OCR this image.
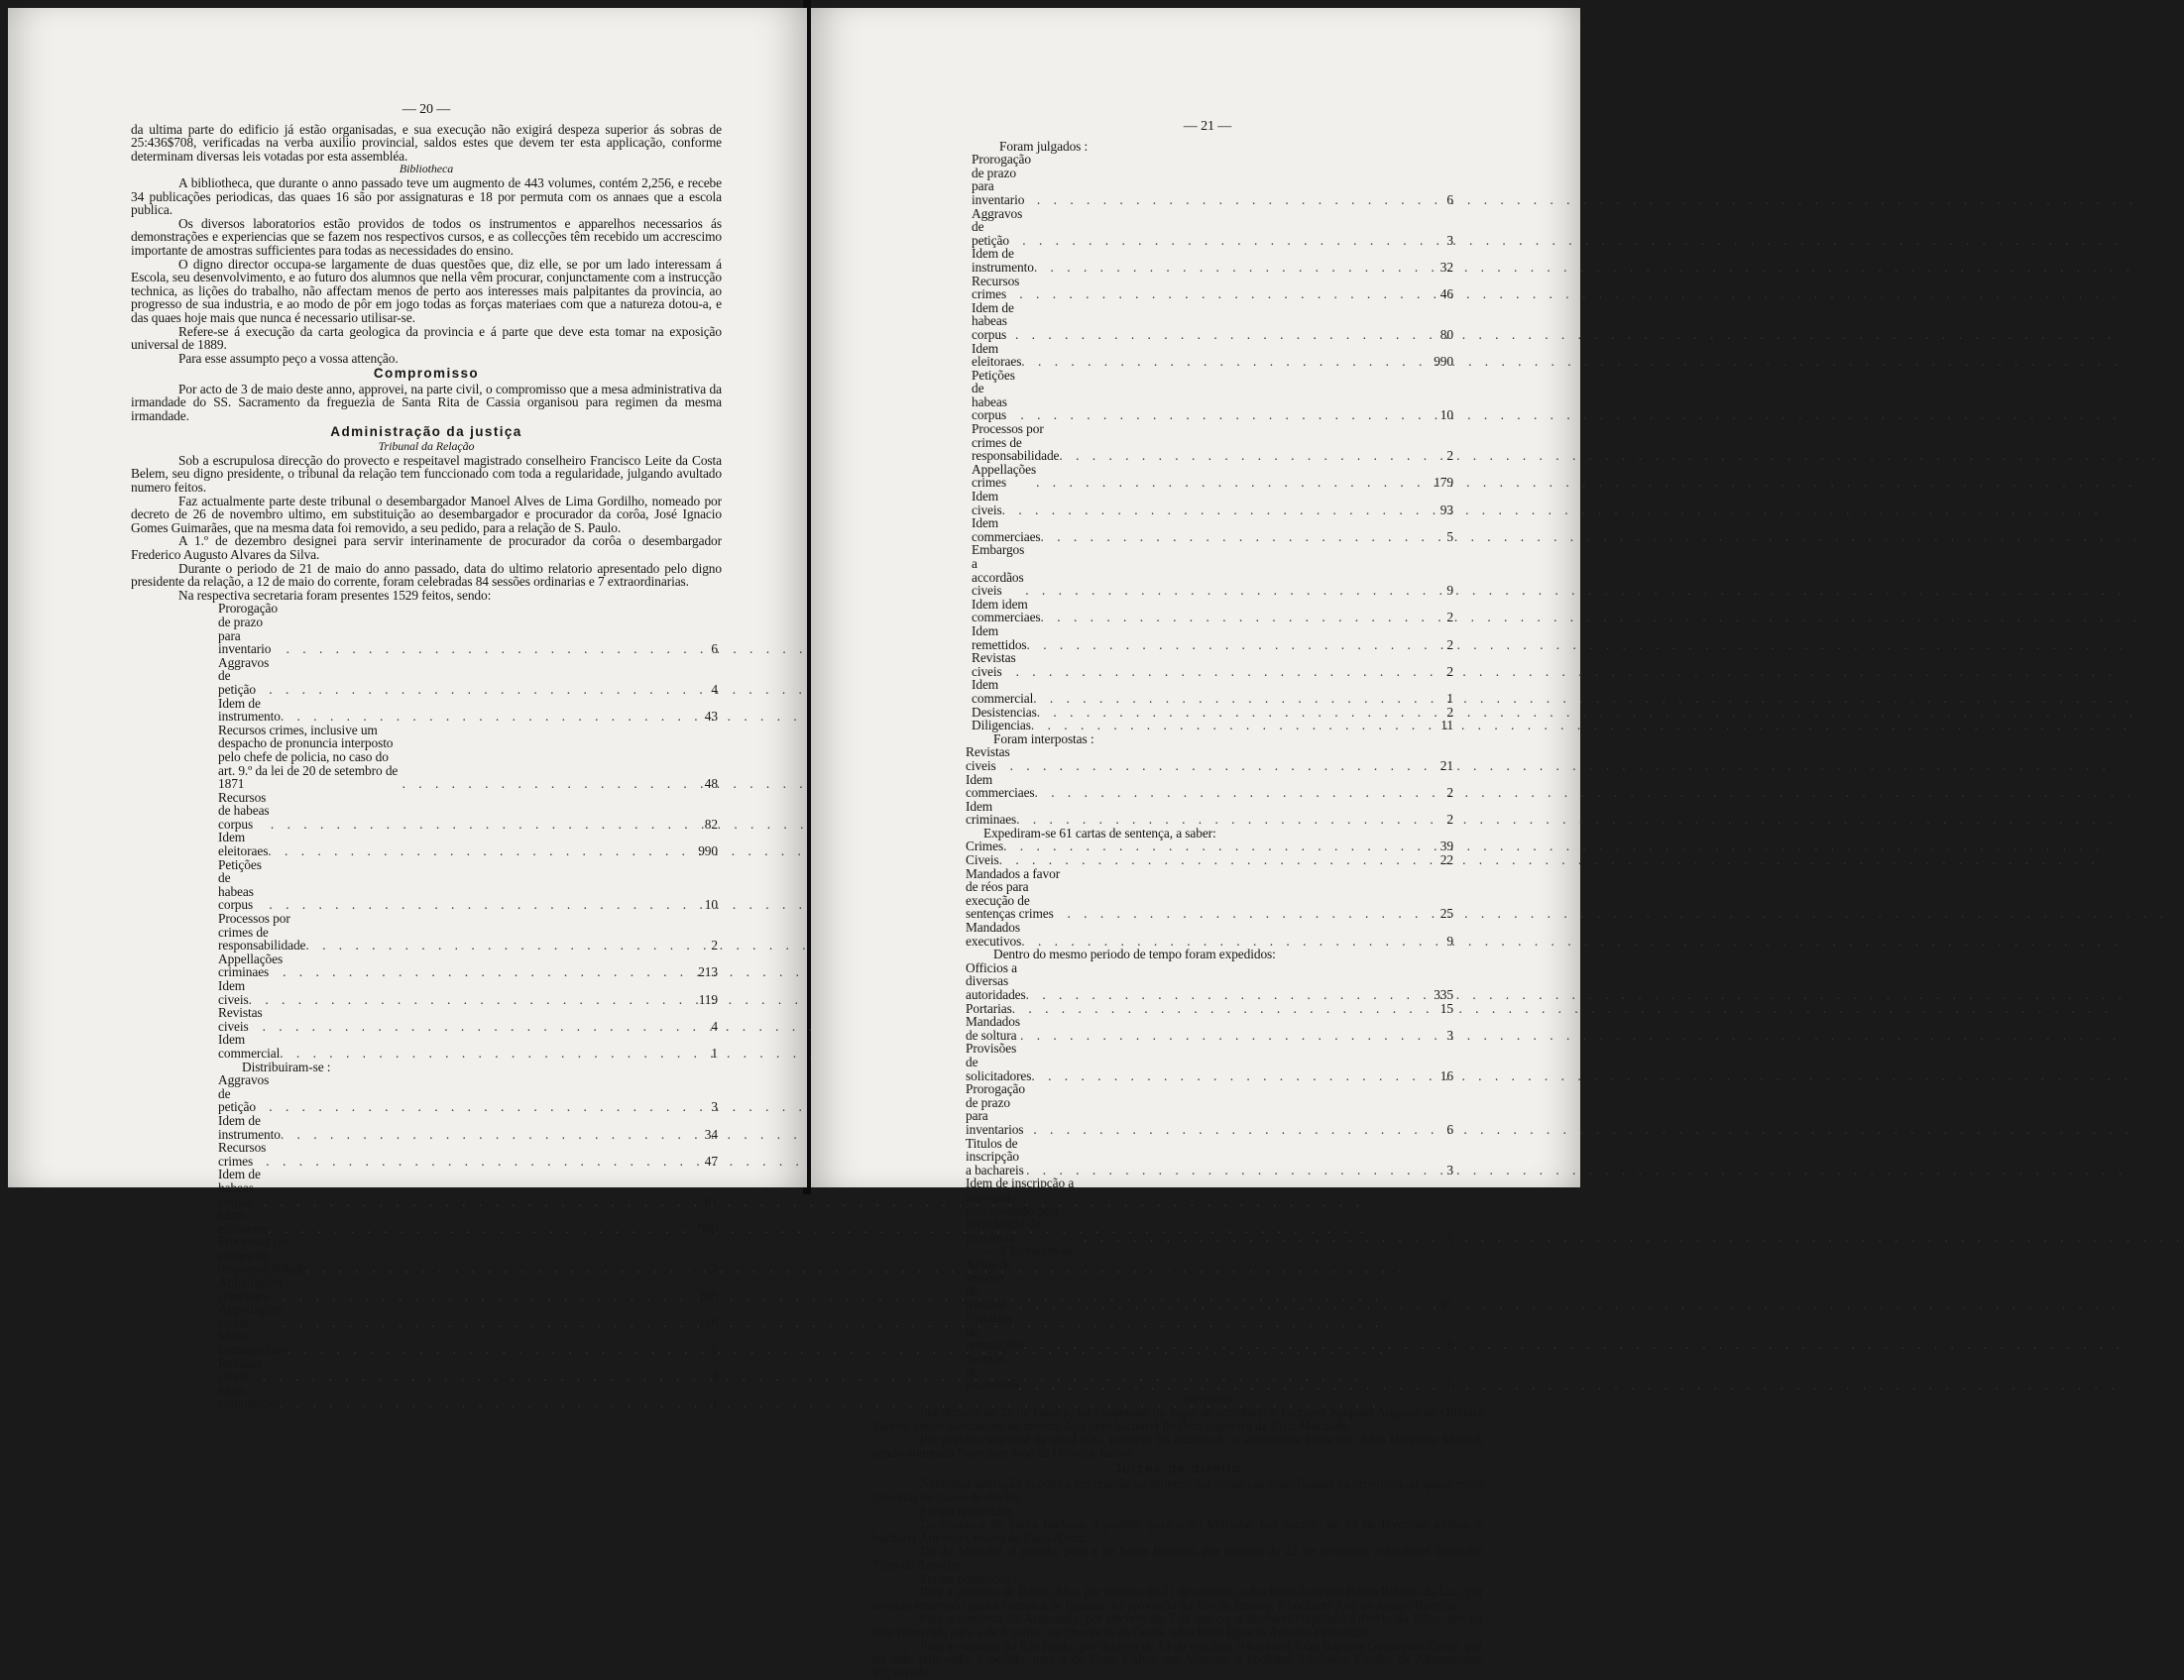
— 20 —

da ultima parte do edificio já estão organisadas, e sua execução não exigirá despeza superior ás sobras de 25:436$708, verificadas na verba auxilio provincial, saldos estes que devem ter esta applicação, conforme determinam diversas leis votadas por esta assembléa.

Bibliotheca

A bibliotheca, que durante o anno passado teve um augmento de 443 volumes, contém 2,256, e recebe 34 publicações periodicas, das quaes 16 são por assignaturas e 18 por permuta com os annaes que a escola publica.

Os diversos laboratorios estão providos de todos os instrumentos e apparelhos necessarios ás demonstrações e experiencias que se fazem nos respectivos cursos, e as collecções têm recebido um accrescimo importante de amostras sufficientes para todas as necessidades do ensino.

O digno director occupa-se largamente de duas questões que, diz elle, se por um lado interessam á Escola, seu desenvolvimento, e ao futuro dos alumnos que nella vêm procurar, conjunctamente com a instrucção technica, as lições do trabalho, não affectam menos de perto aos interesses mais palpitantes da provincia, ao progresso de sua industria, e ao modo de pôr em jogo todas as forças materiaes com que a natureza dotou-a, e das quaes hoje mais que nunca é necessario utilisar-se.

Refere-se á execução da carta geologica da provincia e á parte que deve esta tomar na exposição universal de 1889.

Para esse assumpto peço a vossa attenção.

Compromisso

Por acto de 3 de maio deste anno, approvei, na parte civil, o compromisso que a mesa administrativa da irmandade do SS. Sacramento da freguezia de Santa Rita de Cassia organisou para regimen da mesma irmandade.

Administração da justiça
Tribunal da Relação

Sob a escrupulosa direcção do provecto e respeitavel magistrado conselheiro Francisco Leite da Costa Belem, seu digno presidente, o tribunal da relação tem funccionado com toda a regularidade, julgando avultado numero feitos.

Faz actualmente parte deste tribunal o desembargador Manoel Alves de Lima Gordilho, nomeado por decreto de 26 de novembro ultimo, em substituição ao desembargador e procurador da corôa, José Ignacio Gomes Guimarães, que na mesma data foi removido, a seu pedido, para a relação de S. Paulo.

A 1.º de dezembro designei para servir interinamente de procurador da corôa o desembargador Frederico Augusto Alvares da Silva.

Durante o periodo de 21 de maio do anno passado, data do ultimo relatorio apresentado pelo digno presidente da relação, a 12 de maio do corrente, foram celebradas 84 sessões ordinarias e 7 extraordinarias.

Na respectiva secretaria foram presentes 1529 feitos, sendo:

Prorogação de prazo para inventario . . .	6
Aggravos de petição . . .	4
Idem de instrumento . . .	43
Recursos crimes, inclusive um despacho de pronuncia interposto pelo chefe de policia, no caso do art. 9.º da lei de 20 de setembro de 1871 . . .	48
Recursos de habeas corpus . . .	82
Idem eleitoraes . . .	990
Petições de habeas corpus . . .	10
Processos por crimes de responsabilidade . . .	2
Appellações criminaes . . .	213
Idem civeis . . .	119
Revistas civeis . . .	4
Idem commercial . . .	1
Distribuiram-se :
Aggravos de petição . . .	3
Idem de instrumento . . .	34
Recursos crimes . . .	47
Idem de habeas corpus . . .	81
Idem eleitoraes . . .	990
Processos por crimes de responsabilidade . . .	2
Appellações criminaes . . .	205
Appellações civeis . . .	116
Idem commerciaes . . .	5
Revistas civeis . . .	3
Idem commercial . . .	1
— 21 —
Foram julgados :
Prorogação de prazo para inventario . . .	6
Aggravos de petição . . .	3
Idem de instrumento . . .	32
Recursos crimes . . .	46
Idem de habeas corpus . . .	80
Idem eleitoraes . . .	990
Petições de habeas corpus . . .	10
Processos por crimes de responsabilidade . . .	2
Appellações crimes . . .	179
Idem civeis . . .	93
Idem commerciaes . . .	5
Embargos a accordãos civeis . . .	9
Idem idem commerciaes . . .	2
Idem remettidos . . .	2
Revistas civeis . . .	2
Idem commercial . . .	1
Desistencias . . .	2
Diligencias . . .	11
Foram interpostas :
Revistas civeis . . .	21
Idem commerciaes . . .	2
Idem criminaes . . .	2
Expediram-se 61 cartas de sentença, a saber:
Crimes . . .	39
Civeis . . .	22
Mandados a favor de réos para execução de sentenças crimes . . .	25
Mandados executivos . . .	9
Dentro do mesmo periodo de tempo foram expedidos:
Officios a diversas autoridades . . .	335
Portarias . . .	15
Mandados de soltura . . .	3
Provisões de solicitadores . . .	16
Prorogação de prazo para inventarios . . .	6
Titulos de inscripção a bachareis . . .	3
Idem de inscripção a advogado provisionado pela presidencia da provincia . . .	1
— E lavraram-se :
Actos de sessões do tribunal . . .	91
Portarias de nomeações . . .	6
Termos de juramento . . .	6
Secretaria

Por decreto de 27 de janeiro, foi exonerado do logar de secretario o bacharel Joaquim Augusto de Oliveira Santos, sendo substituido na mesma data pelo bacharel Ibrahim Carneiro da Cruz Machado.

Por portaria imperial de igual data, tambem foi exonerado o amanuense Francisco Julio Henrique Malard, sendo nomeado Francisco José de Oliveira Junior.

Juizes de direito

Nenhuma alteração occorreu em relação ao numero das comarcas classificadas na provincia, as quaes estão providas de juizes de direito.

Foram removidos :

Da comarca de Santa Barbara, a pedido, para o do Muriahé, por decreto de 22 de fevereiro ultimo, o bacharel Antonio Cesario de Faria Alvim.

Da do Muriahé, a pedido, para a de Santa Barbara, por decreto de 22 de fevereiro, o bacharel Emiliano Pires de Amorim.

Foram nomeados :

Para a comarca de Pouzo Alto, por decreto de 21 de outubro, o bacharel Joaquim Bento Ribeiro da Luz, por ter sido removido para a comarca de Iguassú, na provincia do Rio de Janeiro, o bacharel José de Araujo Bacellar.

Para a comarca do Arassuahy, por decreto de 7 de março, o bacharel Napoleão Silverio da Silva, por ter sido removido para a de Aquiraz, na provincia do Ceará, o bacharel Ignacio Antonio Fernandes.

Para a comarca do Rio Pardo, por decreto de 13 de outubro, o bacharel João Baptista Guimarães Cerne, por ter sido removido, a pedido, para a de Porto Calvo, em Alagoas, o bacharel Adalberto Elpidio de Albuquerque Figueiredo.
